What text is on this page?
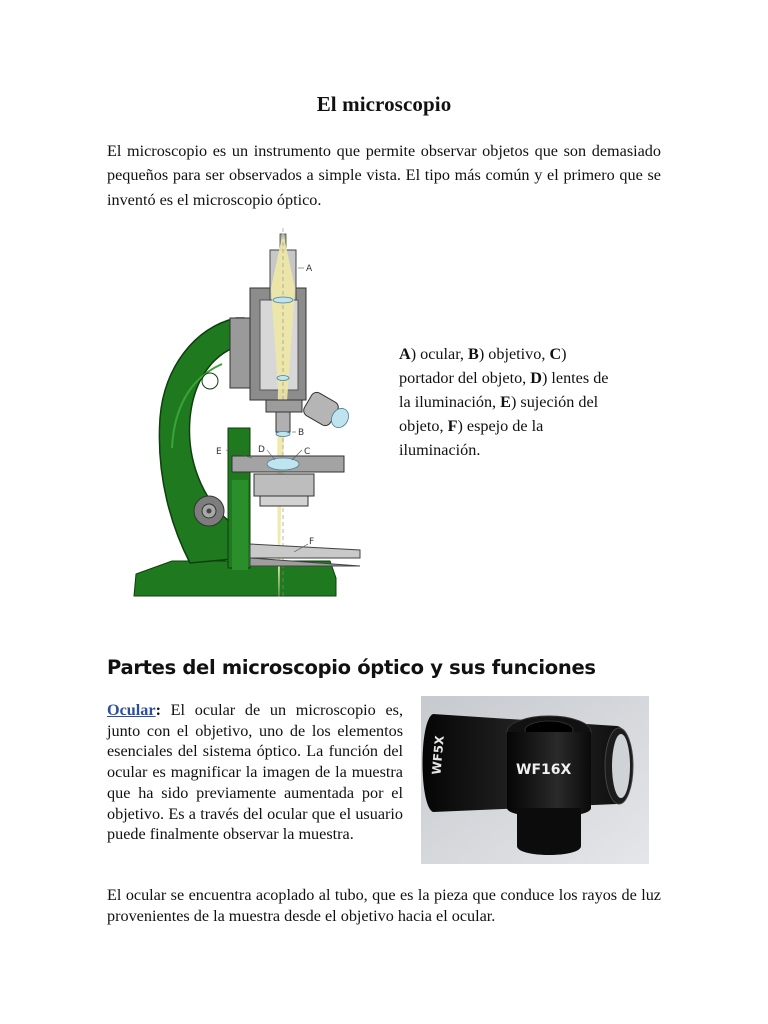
El microscopio

El microscopio es un instrumento que permite observar objetos que son demasiado pequeños para ser observados a simple vista. El tipo más común y el primero que se inventó es el microscopio óptico.

A
B
C
D
E
F

A) ocular, B) objetivo, C) portador del objeto, D) lentes de la iluminación, E) sujeción del objeto, F) espejo de la iluminación.

Partes del microscopio óptico y sus funciones

Ocular: El ocular de un microscopio es, junto con el objetivo, uno de los elementos esenciales del sistema óptico. La función del ocular es magnificar la imagen de la muestra que ha sido previamente aumentada por el objetivo. Es a través del ocular que el usuario puede finalmente observar la muestra.

WF5X	WF16X

El ocular se encuentra acoplado al tubo, que es la pieza que conduce los rayos de luz provenientes de la muestra desde el objetivo hacia el ocular.
